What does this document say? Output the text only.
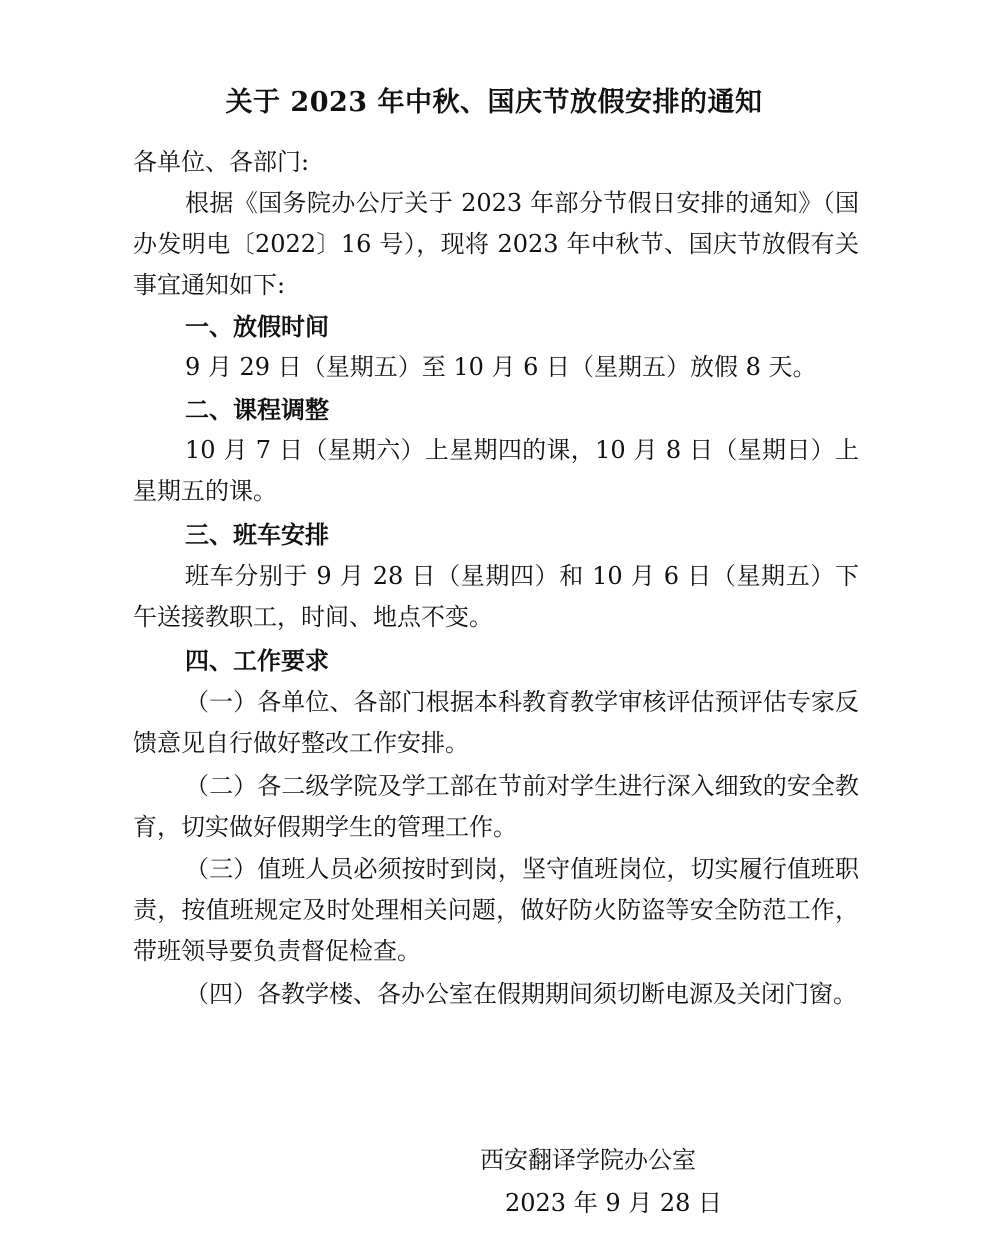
关于 2023 年中秋、国庆节放假安排的通知
各单位、各部门:
根据《国务院办公厅关于 2023 年部分节假日安排的通知》（国办发明电〔2022〕16 号），现将 2023 年中秋节、国庆节放假有关事宜通知如下:
一、放假时间
9 月 29 日（星期五）至 10 月 6 日（星期五）放假 8 天。
二、课程调整
10 月 7 日（星期六）上星期四的课，10 月 8 日（星期日）上星期五的课。
三、班车安排
班车分别于 9 月 28 日（星期四）和 10 月 6 日（星期五）下午送接教职工，时间、地点不变。
四、工作要求
（一）各单位、各部门根据本科教育教学审核评估预评估专家反馈意见自行做好整改工作安排。
（二）各二级学院及学工部在节前对学生进行深入细致的安全教育，切实做好假期学生的管理工作。
（三）值班人员必须按时到岗，坚守值班岗位，切实履行值班职责，按值班规定及时处理相关问题，做好防火防盗等安全防范工作，带班领导要负责督促检查。
（四）各教学楼、各办公室在假期期间须切断电源及关闭门窗。
西安翻译学院办公室
2023 年 9 月 28 日
